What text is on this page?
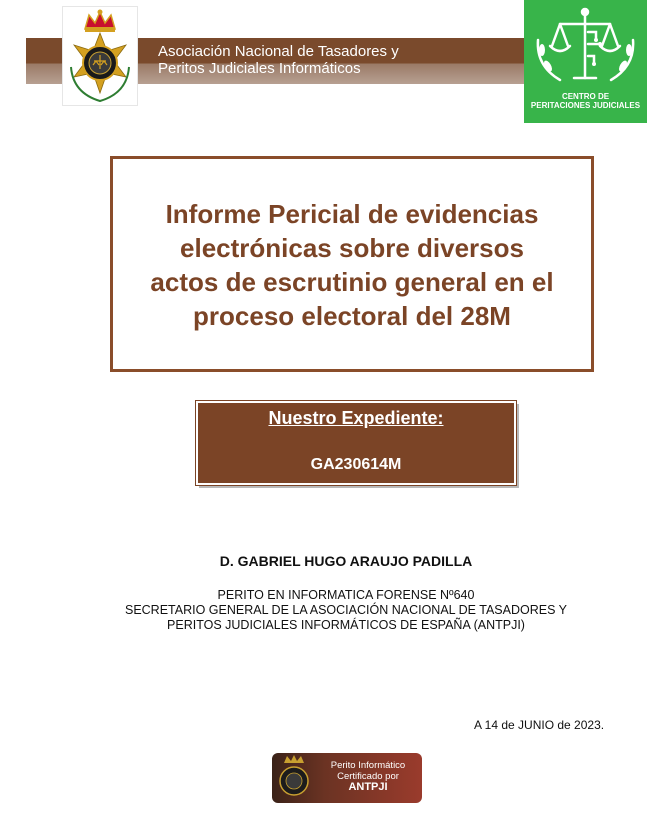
Asociación Nacional de Tasadores y
Peritos Judiciales Informáticos
CENTRO DE
PERITACIONES JUDICIALES
Informe Pericial de evidencias
electrónicas sobre diversos
actos de escrutinio general en el
proceso electoral del 28M
Nuestro Expediente:
GA230614M
D. GABRIEL HUGO ARAUJO PADILLA
PERITO EN INFORMATICA FORENSE Nº640
SECRETARIO GENERAL DE LA ASOCIACIÓN NACIONAL DE TASADORES Y
PERITOS JUDICIALES INFORMÁTICOS DE ESPAÑA (ANTPJI)
A 14 de JUNIO de 2023.
Perito Informático
Certificado por
ANTPJI
